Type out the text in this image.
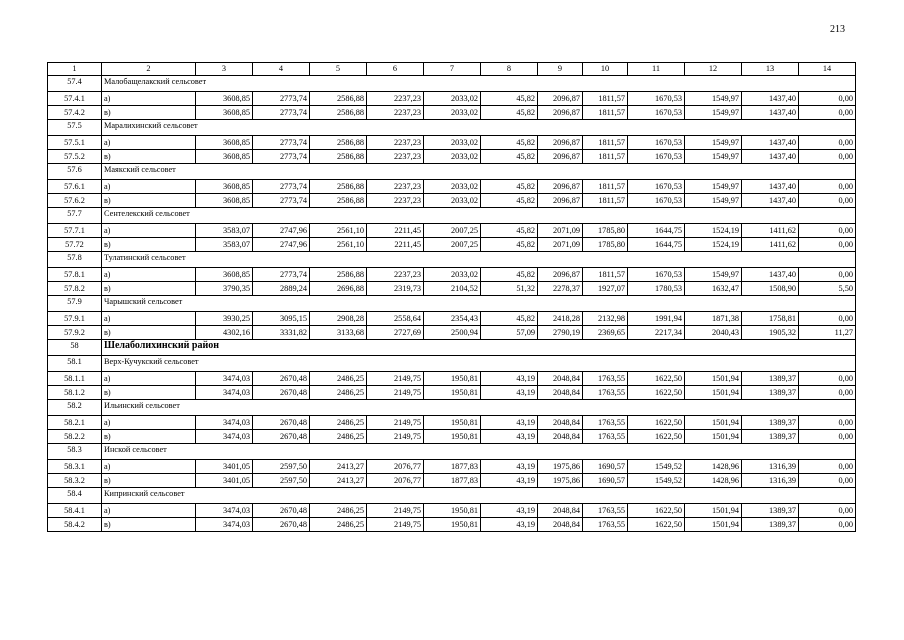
213
1	2	3	4	5	6	7	8	9	10	11	12	13	14
57.4	Малобащелакский сельсовет												
57.4.1	а)	3608,85	2773,74	2586,88	2237,23	2033,02	45,82	2096,87	1811,57	1670,53	1549,97	1437,40	0,00
57.4.2	в)	3608,85	2773,74	2586,88	2237,23	2033,02	45,82	2096,87	1811,57	1670,53	1549,97	1437,40	0,00
57.5	Маралихинский сельсовет												
57.5.1	а)	3608,85	2773,74	2586,88	2237,23	2033,02	45,82	2096,87	1811,57	1670,53	1549,97	1437,40	0,00
57.5.2	в)	3608,85	2773,74	2586,88	2237,23	2033,02	45,82	2096,87	1811,57	1670,53	1549,97	1437,40	0,00
57.6	Маякский сельсовет												
57.6.1	а)	3608,85	2773,74	2586,88	2237,23	2033,02	45,82	2096,87	1811,57	1670,53	1549,97	1437,40	0,00
57.6.2	в)	3608,85	2773,74	2586,88	2237,23	2033,02	45,82	2096,87	1811,57	1670,53	1549,97	1437,40	0,00
57.7	Сентелекский сельсовет												
57.7.1	а)	3583,07	2747,96	2561,10	2211,45	2007,25	45,82	2071,09	1785,80	1644,75	1524,19	1411,62	0,00
57.72	в)	3583,07	2747,96	2561,10	2211,45	2007,25	45,82	2071,09	1785,80	1644,75	1524,19	1411,62	0,00
57.8	Тулатинский сельсовет												
57.8.1	а)	3608,85	2773,74	2586,88	2237,23	2033,02	45,82	2096,87	1811,57	1670,53	1549,97	1437,40	0,00
57.8.2	в)	3790,35	2889,24	2696,88	2319,73	2104,52	51,32	2278,37	1927,07	1780,53	1632,47	1508,90	5,50
57.9	Чарышский сельсовет												
57.9.1	а)	3930,25	3095,15	2908,28	2558,64	2354,43	45,82	2418,28	2132,98	1991,94	1871,38	1758,81	0,00
57.9.2	в)	4302,16	3331,82	3133,68	2727,69	2500,94	57,09	2790,19	2369,65	2217,34	2040,43	1905,32	11,27
58	Шелаболихинский район												
58.1	Верх-Кучукский сельсовет												
58.1.1	а)	3474,03	2670,48	2486,25	2149,75	1950,81	43,19	2048,84	1763,55	1622,50	1501,94	1389,37	0,00
58.1.2	в)	3474,03	2670,48	2486,25	2149,75	1950,81	43,19	2048,84	1763,55	1622,50	1501,94	1389,37	0,00
58.2	Ильинский сельсовет												
58.2.1	а)	3474,03	2670,48	2486,25	2149,75	1950,81	43,19	2048,84	1763,55	1622,50	1501,94	1389,37	0,00
58.2.2	в)	3474,03	2670,48	2486,25	2149,75	1950,81	43,19	2048,84	1763,55	1622,50	1501,94	1389,37	0,00
58.3	Инской сельсовет												
58.3.1	а)	3401,05	2597,50	2413,27	2076,77	1877,83	43,19	1975,86	1690,57	1549,52	1428,96	1316,39	0,00
58.3.2	в)	3401,05	2597,50	2413,27	2076,77	1877,83	43,19	1975,86	1690,57	1549,52	1428,96	1316,39	0,00
58.4	Кипринский сельсовет												
58.4.1	а)	3474,03	2670,48	2486,25	2149,75	1950,81	43,19	2048,84	1763,55	1622,50	1501,94	1389,37	0,00
58.4.2	в)	3474,03	2670,48	2486,25	2149,75	1950,81	43,19	2048,84	1763,55	1622,50	1501,94	1389,37	0,00
